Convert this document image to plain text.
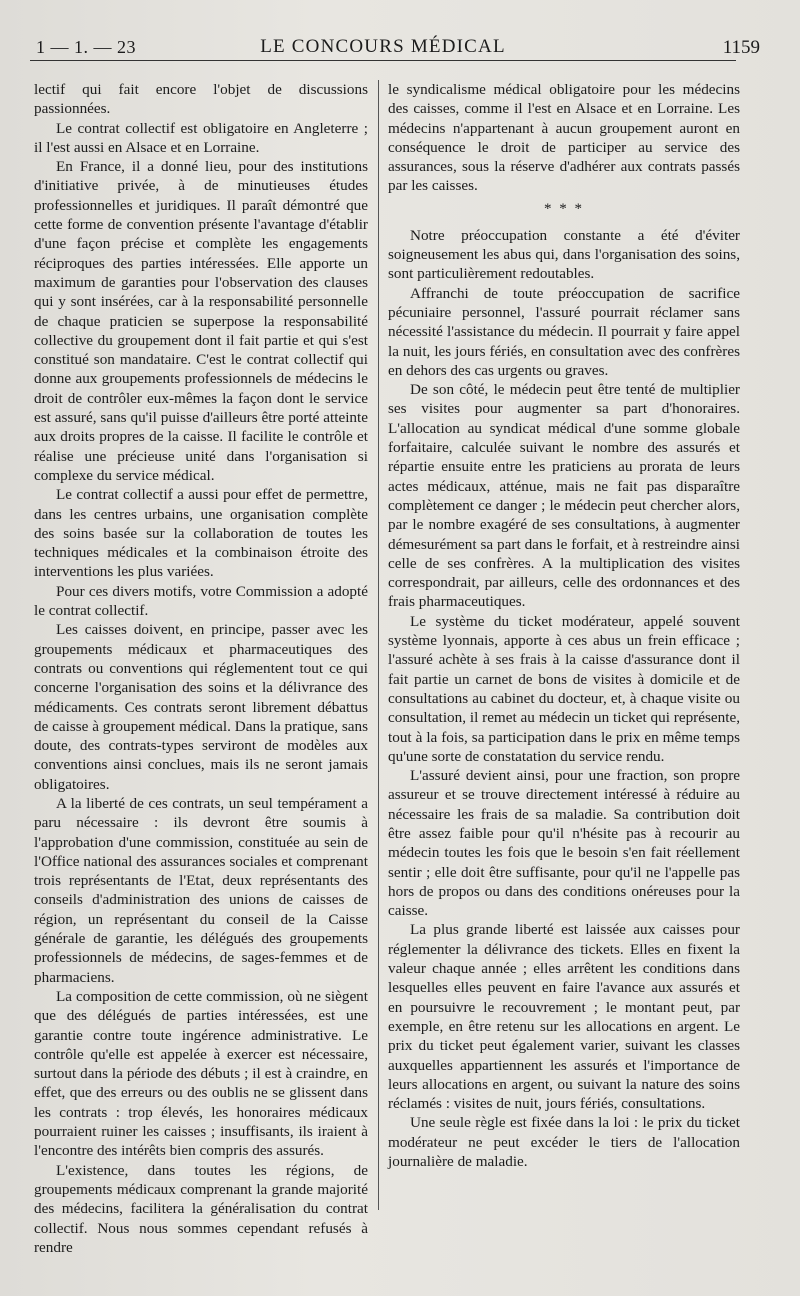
1 — 1. — 23	LE CONCOURS MÉDICAL	1159

lectif qui fait encore l'objet de discussions passionnées.

Le contrat collectif est obligatoire en Angleterre ; il l'est aussi en Alsace et en Lorraine.

En France, il a donné lieu, pour des institutions d'initiative privée, à de minutieuses études professionnelles et juridiques. Il paraît démontré que cette forme de convention présente l'avantage d'établir d'une façon précise et complète les engagements réciproques des parties intéressées. Elle apporte un maximum de garanties pour l'observation des clauses qui y sont insérées, car à la responsabilité personnelle de chaque praticien se superpose la responsabilité collective du groupement dont il fait partie et qui s'est constitué son mandataire. C'est le contrat collectif qui donne aux groupements professionnels de médecins le droit de contrôler eux-mêmes la façon dont le service est assuré, sans qu'il puisse d'ailleurs être porté atteinte aux droits propres de la caisse. Il facilite le contrôle et réalise une précieuse unité dans l'organisation si complexe du service médical.

Le contrat collectif a aussi pour effet de permettre, dans les centres urbains, une organisation complète des soins basée sur la collaboration de toutes les techniques médicales et la combinaison étroite des interventions les plus variées.

Pour ces divers motifs, votre Commission a adopté le contrat collectif.

Les caisses doivent, en principe, passer avec les groupements médicaux et pharmaceutiques des contrats ou conventions qui réglementent tout ce qui concerne l'organisation des soins et la délivrance des médicaments. Ces contrats seront librement débattus de caisse à groupement médical. Dans la pratique, sans doute, des contrats-types serviront de modèles aux conventions ainsi conclues, mais ils ne seront jamais obligatoires.

A la liberté de ces contrats, un seul tempérament a paru nécessaire : ils devront être soumis à l'approbation d'une commission, constituée au sein de l'Office national des assurances sociales et comprenant trois représentants de l'Etat, deux représentants des conseils d'administration des unions de caisses de région, un représentant du conseil de la Caisse générale de garantie, les délégués des groupements professionnels de médecins, de sages-femmes et de pharmaciens.

La composition de cette commission, où ne siègent que des délégués de parties intéressées, est une garantie contre toute ingérence administrative. Le contrôle qu'elle est appelée à exercer est nécessaire, surtout dans la période des débuts ; il est à craindre, en effet, que des erreurs ou des oublis ne se glissent dans les contrats : trop élevés, les honoraires médicaux pourraient ruiner les caisses ; insuffisants, ils iraient à l'encontre des intérêts bien compris des assurés.

L'existence, dans toutes les régions, de groupements médicaux comprenant la grande majorité des médecins, facilitera la généralisation du contrat collectif. Nous nous sommes cependant refusés à rendre

le syndicalisme médical obligatoire pour les médecins des caisses, comme il l'est en Alsace et en Lorraine. Les médecins n'appartenant à aucun groupement auront en conséquence le droit de participer au service des assurances, sous la réserve d'adhérer aux contrats passés par les caisses.

* * *

Notre préoccupation constante a été d'éviter soigneusement les abus qui, dans l'organisation des soins, sont particulièrement redoutables.

Affranchi de toute préoccupation de sacrifice pécuniaire personnel, l'assuré pourrait réclamer sans nécessité l'assistance du médecin. Il pourrait y faire appel la nuit, les jours fériés, en consultation avec des confrères en dehors des cas urgents ou graves.

De son côté, le médecin peut être tenté de multiplier ses visites pour augmenter sa part d'honoraires. L'allocation au syndicat médical d'une somme globale forfaitaire, calculée suivant le nombre des assurés et répartie ensuite entre les praticiens au prorata de leurs actes médicaux, atténue, mais ne fait pas disparaître complètement ce danger ; le médecin peut chercher alors, par le nombre exagéré de ses consultations, à augmenter démesurément sa part dans le forfait, et à restreindre ainsi celle de ses confrères. A la multiplication des visites correspondrait, par ailleurs, celle des ordonnances et des frais pharmaceutiques.

Le système du ticket modérateur, appelé souvent système lyonnais, apporte à ces abus un frein efficace ; l'assuré achète à ses frais à la caisse d'assurance dont il fait partie un carnet de bons de visites à domicile et de consultations au cabinet du docteur, et, à chaque visite ou consultation, il remet au médecin un ticket qui représente, tout à la fois, sa participation dans le prix en même temps qu'une sorte de constatation du service rendu.

L'assuré devient ainsi, pour une fraction, son propre assureur et se trouve directement intéressé à réduire au nécessaire les frais de sa maladie. Sa contribution doit être assez faible pour qu'il n'hésite pas à recourir au médecin toutes les fois que le besoin s'en fait réellement sentir ; elle doit être suffisante, pour qu'il ne l'appelle pas hors de propos ou dans des conditions onéreuses pour la caisse.

La plus grande liberté est laissée aux caisses pour réglementer la délivrance des tickets. Elles en fixent la valeur chaque année ; elles arrêtent les conditions dans lesquelles elles peuvent en faire l'avance aux assurés et en poursuivre le recouvrement ; le montant peut, par exemple, en être retenu sur les allocations en argent. Le prix du ticket peut également varier, suivant les classes auxquelles appartiennent les assurés et l'importance de leurs allocations en argent, ou suivant la nature des soins réclamés : visites de nuit, jours fériés, consultations.

Une seule règle est fixée dans la loi : le prix du ticket modérateur ne peut excéder le tiers de l'allocation journalière de maladie.
